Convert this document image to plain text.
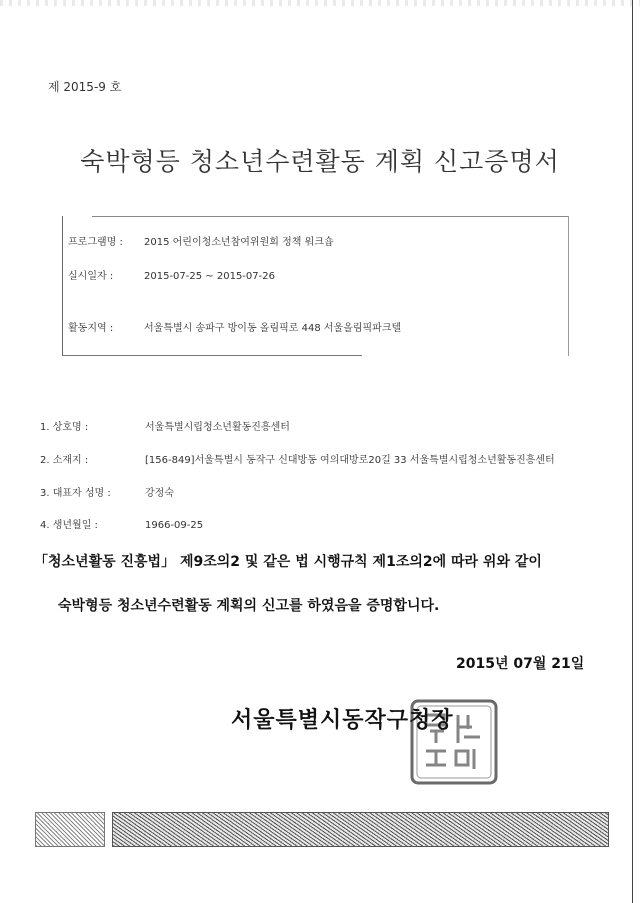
제 2015-9 호
숙박형등 청소년수련활동 계획 신고증명서
프로그램명 : 2015 어린이청소년참여위원회 정책 워크숍
실시일자 :	2015-07-25 ~ 2015-07-26
활동지역 :	서울특별시 송파구 방이동 올림픽로 448 서울올림픽파크텔
1. 상호명 :	서울특별시립청소년활동진흥센터
2. 소재지 :	[156-849]서울특별시 동작구 신대방동 여의대방로20길 33 서울특별시립청소년활동진흥센터
3. 대표자 성명 :	강정숙
4. 생년월일 :	1966-09-25
「청소년활동 진흥법」 제9조의2 및 같은 법 시행규칙 제1조의2에 따라 위와 같이
숙박형등 청소년수련활동 계획의 신고를 하였음을 증명합니다.
2015년 07월 21일
서울특별시동작구청장
